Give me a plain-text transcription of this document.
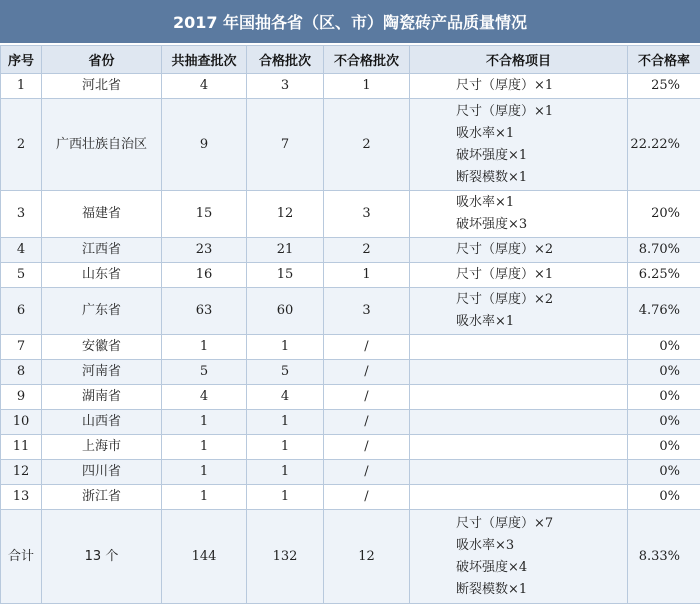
2017 年国抽各省（区、市）陶瓷砖产品质量情况
序号	省份	共抽查批次	合格批次	不合格批次	不合格项目	不合格率
1	河北省	4	3	1	尺寸（厚度）×1	25%
2	广西壮族自治区	9	7	2	尺寸（厚度）×1
吸水率×1
破坏强度×1
断裂模数×1	22.22%
3	福建省	15	12	3	吸水率×1
破坏强度×3	20%
4	江西省	23	21	2	尺寸（厚度）×2	8.70%
5	山东省	16	15	1	尺寸（厚度）×1	6.25%
6	广东省	63	60	3	尺寸（厚度）×2
吸水率×1	4.76%
7	安徽省	1	1	/		0%
8	河南省	5	5	/		0%
9	湖南省	4	4	/		0%
10	山西省	1	1	/		0%
11	上海市	1	1	/		0%
12	四川省	1	1	/		0%
13	浙江省	1	1	/		0%
合计	13 个	144	132	12	尺寸（厚度）×7
吸水率×3
破坏强度×4
断裂模数×1	8.33%
